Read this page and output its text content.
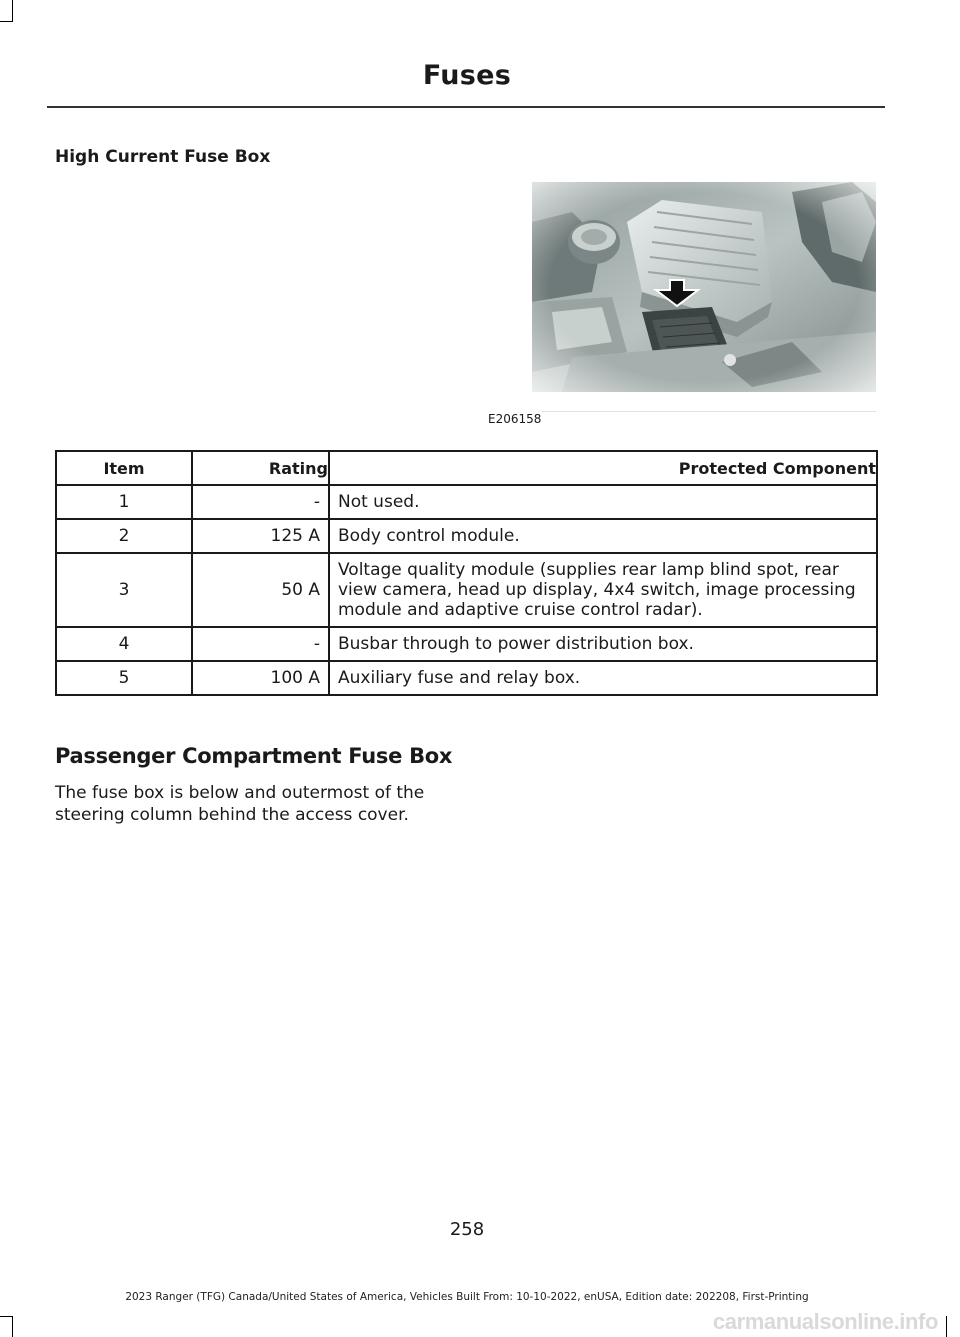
Fuses
High Current Fuse Box
E206158
Item	Rating	Protected Component
1	-	Not used.
2	125 A	Body control module.
3	50 A	Voltage quality module (supplies rear lamp blind spot, rear view camera, head up display, 4x4 switch, image processing module and adaptive cruise control radar).
4	-	Busbar through to power distribution box.
5	100 A	Auxiliary fuse and relay box.
Passenger Compartment Fuse Box
The fuse box is below and outermost of the steering column behind the access cover.
258
2023 Ranger (TFG) Canada/United States of America, Vehicles Built From: 10-10-2022, enUSA, Edition date: 202208, First-Printing
carmanualsonline.info
